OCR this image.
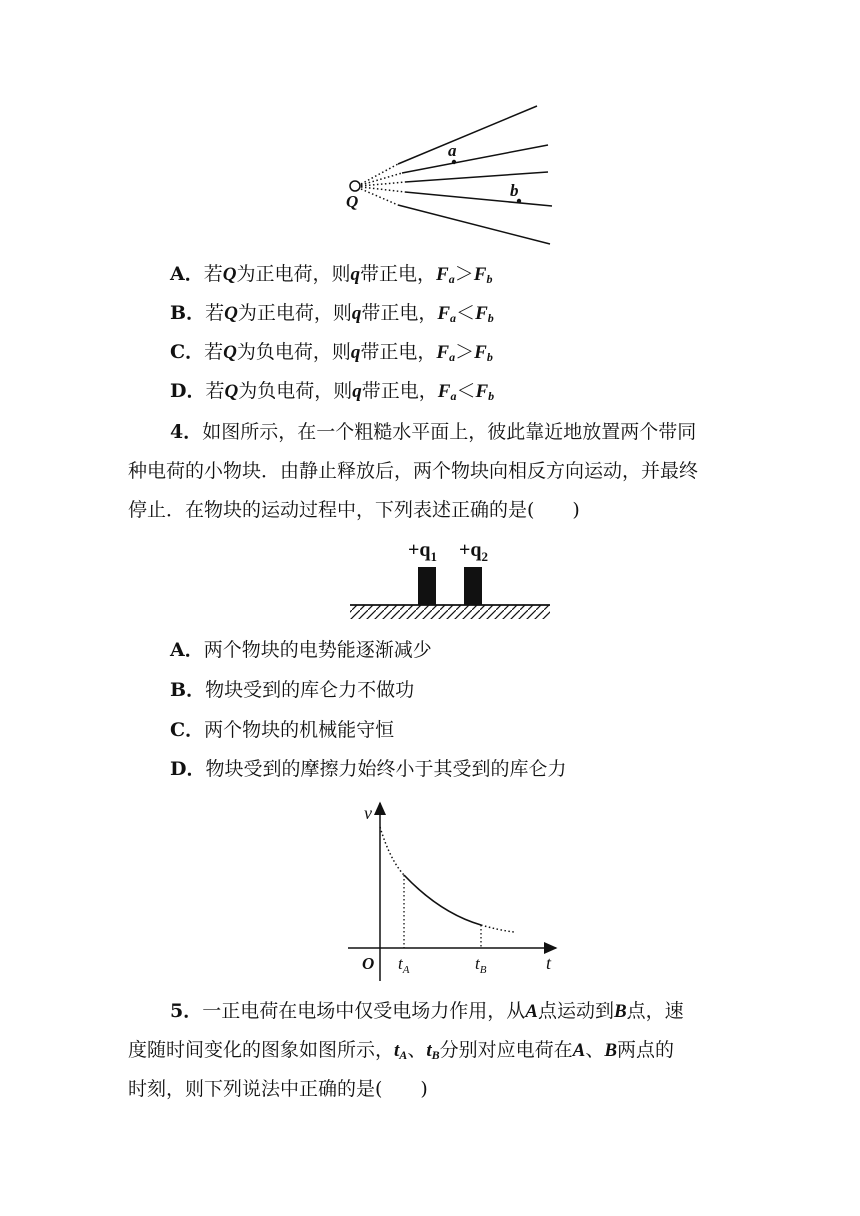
a
b
Q
A．若Q为正电荷，则q带正电，$F_a>F_b$
B．若Q为正电荷，则q带正电，$F_a<F_b$
C．若Q为负电荷，则q带正电，$F_a>F_b$
D．若Q为负电荷，则q带正电，$F_a<F_b$
4．如图所示，在一个粗糙水平面上，彼此靠近地放置两个带同
种电荷的小物块．由静止释放后，两个物块向相反方向运动，并最终
停止．在物块的运动过程中，下列表述正确的是(　　)
$+q_1 +q_2$
A．两个物块的电势能逐渐减少
B．物块受到的库仑力不做功
C．两个物块的机械能守恒
D．物块受到的摩擦力始终小于其受到的库仑力
v
t
O $t_A$	$t_B$
5．一正电荷在电场中仅受电场力作用，从A点运动到B点，速
度随时间变化的图象如图所示，$t_A$、$t_B$分别对应电荷在A、B两点的
时刻，则下列说法中正确的是(　　)
